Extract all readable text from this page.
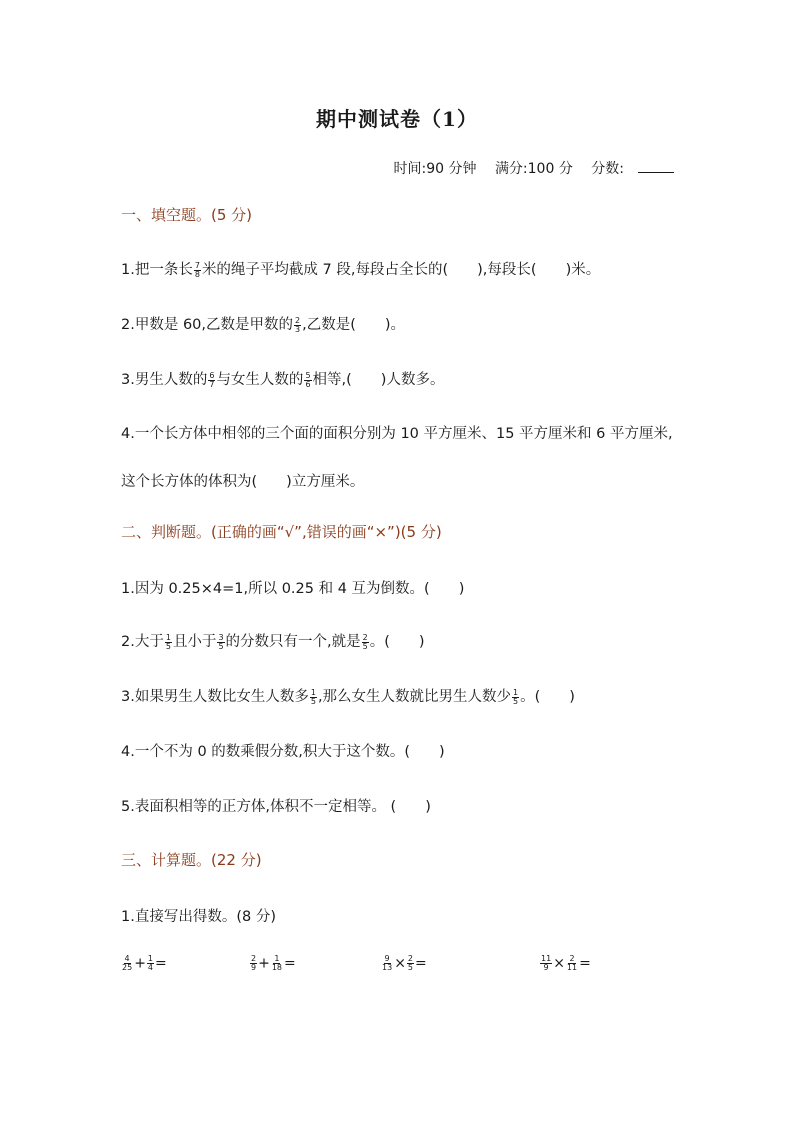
期中测试卷（1）
时间:90 分钟 满分:100 分 分数:
一、填空题。(5 分)
1.把一条长 $\frac{7}{8}$ 米的绳子平均截成 7 段,每段占全长的(　　),每段长(　　)米。
2.甲数是 60,乙数是甲数的 $\frac{2}{3}$ ,乙数是(　　)。
3.男生人数的 $\frac{6}{7}$ 与女生人数的 $\frac{5}{6}$ 相等,(　　)人数多。
4.一个长方体中相邻的三个面的面积分别为 10 平方厘米、15 平方厘米和 6 平方厘米,这个长方体的体积为(　　)立方厘米。
二、判断题。(正确的画“√”,错误的画“×”)(5 分)
1.因为 0.25×4=1,所以 0.25 和 4 互为倒数。(　　)
2.大于 $\frac{1}{5}$ 且小于 $\frac{3}{5}$ 的分数只有一个,就是 $\frac{2}{5}$ 。(　　)
3.如果男生人数比女生人数多 $\frac{1}{5}$ ,那么女生人数就比男生人数少 $\frac{1}{5}$ 。(　　)
4.一个不为 0 的数乘假分数,积大于这个数。(　　)
5.表面积相等的正方体,体积不一定相等。 (　　)
三、计算题。(22 分)
1.直接写出得数。(8 分)
$\frac{4}{25} + \frac{1}{4}$ =	$\frac{2}{9} + \frac{1}{18}$ =	$\frac{9}{13} \times \frac{2}{5}$ =	$\frac{11}{9} \times \frac{2}{11}$ =
